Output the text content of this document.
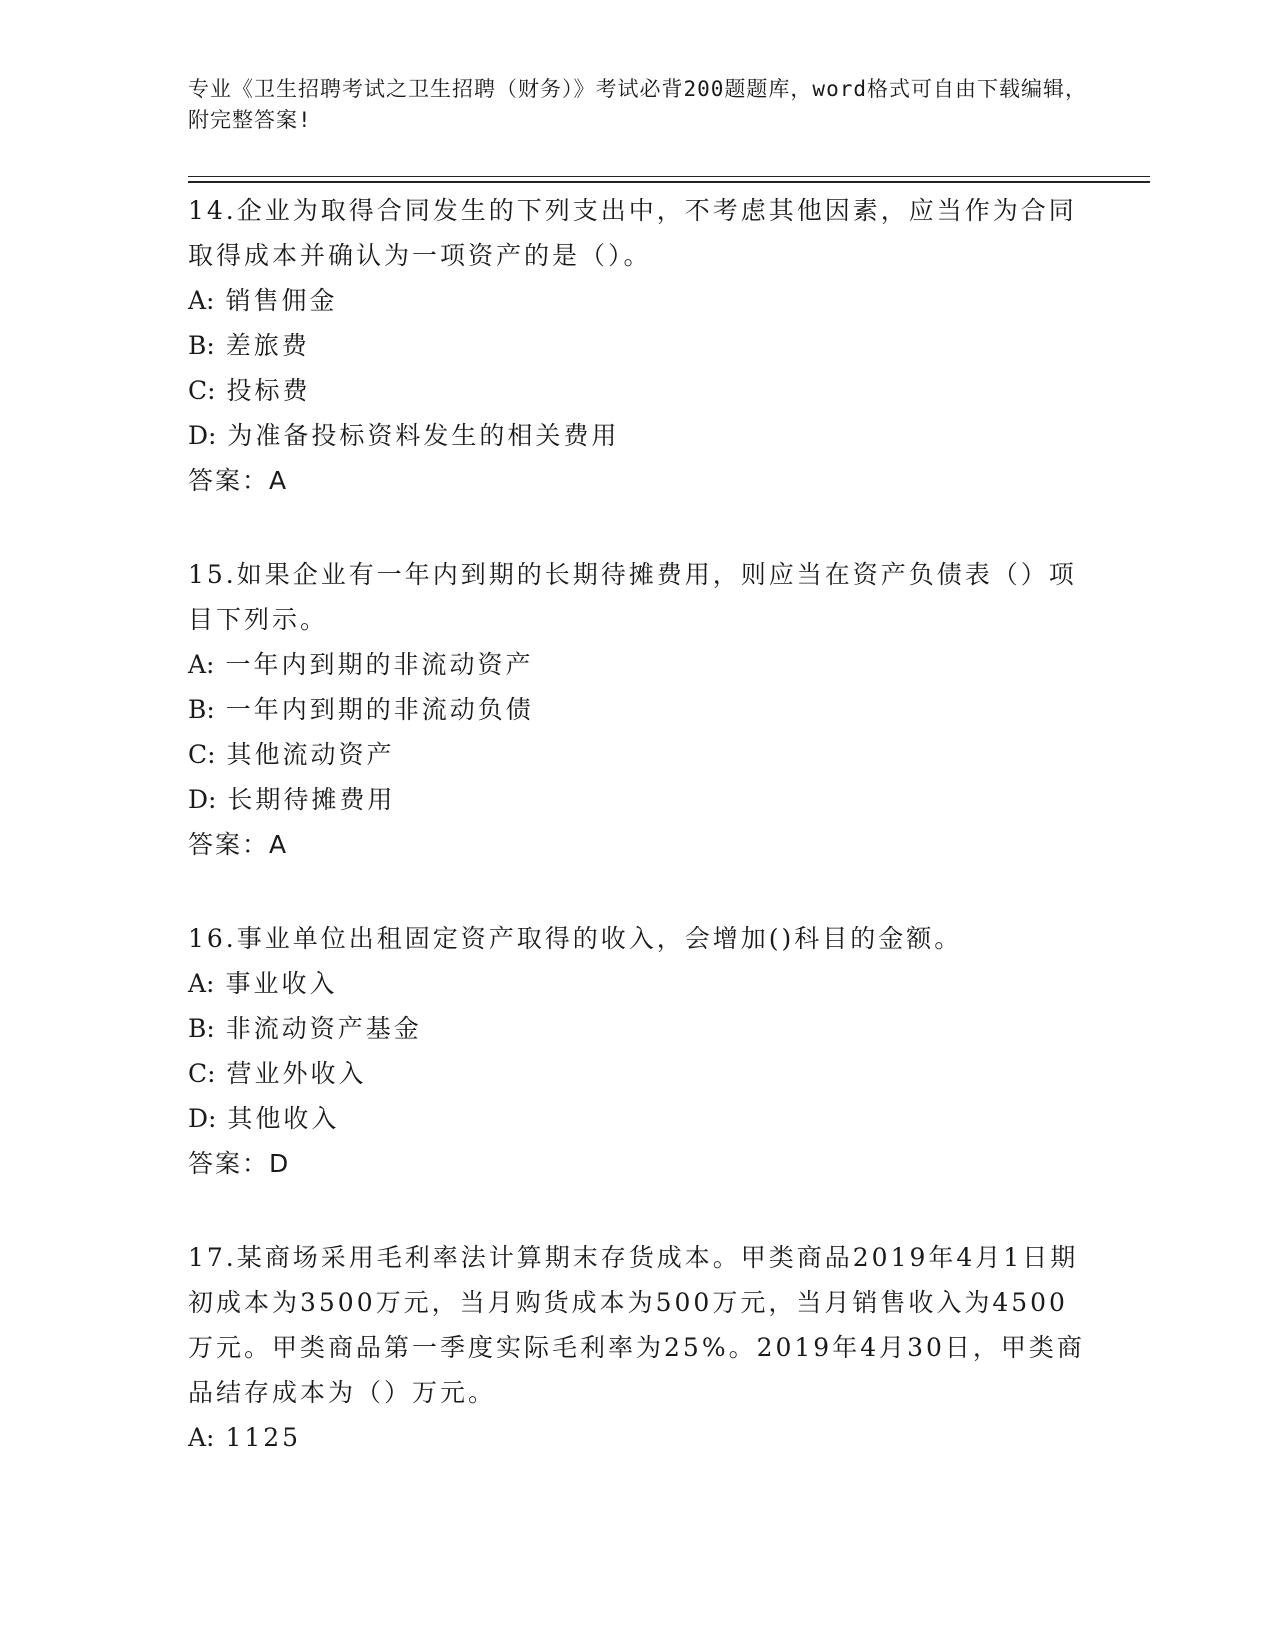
专业《卫生招聘考试之卫生招聘（财务）》考试必背200题题库，word格式可自由下载编辑，附完整答案!
14.企业为取得合同发生的下列支出中，不考虑其他因素，应当作为合同取得成本并确认为一项资产的是（）。
A: 销售佣金
B: 差旅费
C: 投标费
D: 为准备投标资料发生的相关费用
答案：A
15.如果企业有一年内到期的长期待摊费用，则应当在资产负债表（）项目下列示。
A: 一年内到期的非流动资产
B: 一年内到期的非流动负债
C: 其他流动资产
D: 长期待摊费用
答案：A
16.事业单位出租固定资产取得的收入，会增加()科目的金额。
A: 事业收入
B: 非流动资产基金
C: 营业外收入
D: 其他收入
答案：D
17.某商场采用毛利率法计算期末存货成本。甲类商品2019年4月1日期初成本为3500万元，当月购货成本为500万元，当月销售收入为4500万元。甲类商品第一季度实际毛利率为25%。2019年4月30日，甲类商品结存成本为（）万元。
A: 1125
